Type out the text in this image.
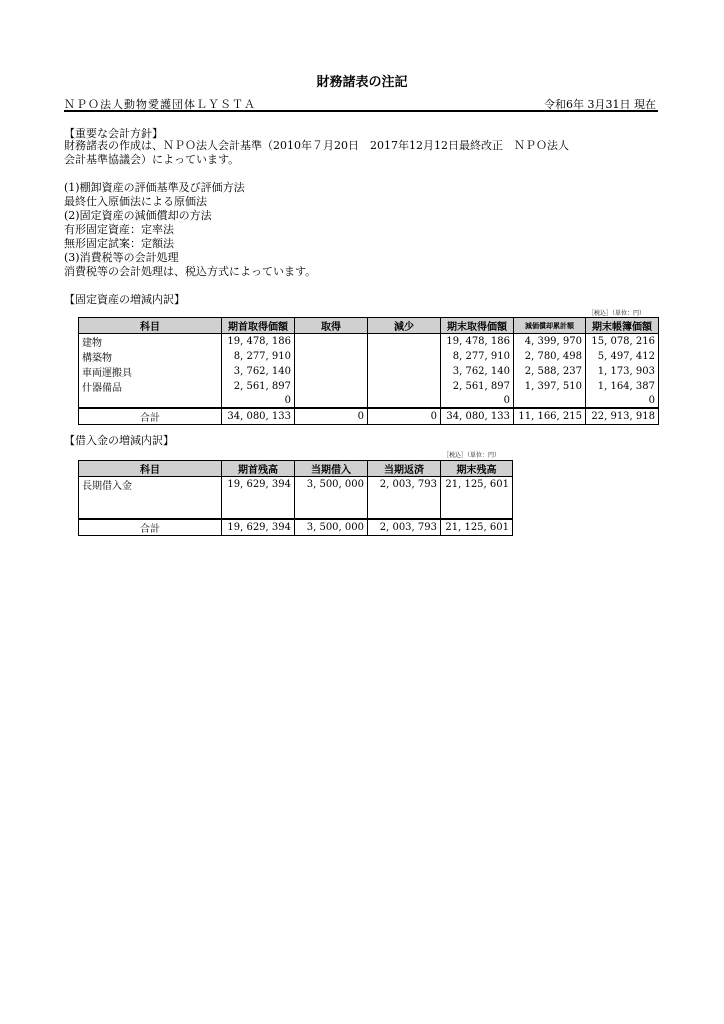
財務諸表の注記
ＮＰＯ法人動物愛護団体ＬＹＳＴＡ	令和6年 3月31日 現在
【重要な会計方針】
財務諸表の作成は、ＮＰＯ法人会計基準（2010年７月20日　2017年12月12日最終改正　ＮＰＯ法人
会計基準協議会）によっています。
(1)棚卸資産の評価基準及び評価方法
最終仕入原価法による原価法
(2)固定資産の減価償却の方法
有形固定資産：定率法
無形固定試案：定額法
(3)消費税等の会計処理
消費税等の会計処理は、税込方式によっています。
【固定資産の増減内訳】
［税込］（単位：円）
科目	期首取得価額	取得	減少	期末取得価額	減価償却累計額	期末帳簿価額
建物	19, 478, 186			19, 478, 186	4, 399, 970	15, 078, 216
構築物	8, 277, 910			8, 277, 910	2, 780, 498	5, 497, 412
車両運搬具	3, 762, 140			3, 762, 140	2, 588, 237	1, 173, 903
什器備品	2, 561, 897			2, 561, 897	1, 397, 510	1, 164, 387
	0			0		0
合計	34, 080, 133	0	0	34, 080, 133	11, 166, 215	22, 913, 918
【借入金の増減内訳】
［税込］（単位：円）
科目	期首残高	当期借入	当期返済	期末残高
長期借入金	19, 629, 394	3, 500, 000	2, 003, 793	21, 125, 601

合計	19, 629, 394	3, 500, 000	2, 003, 793	21, 125, 601
